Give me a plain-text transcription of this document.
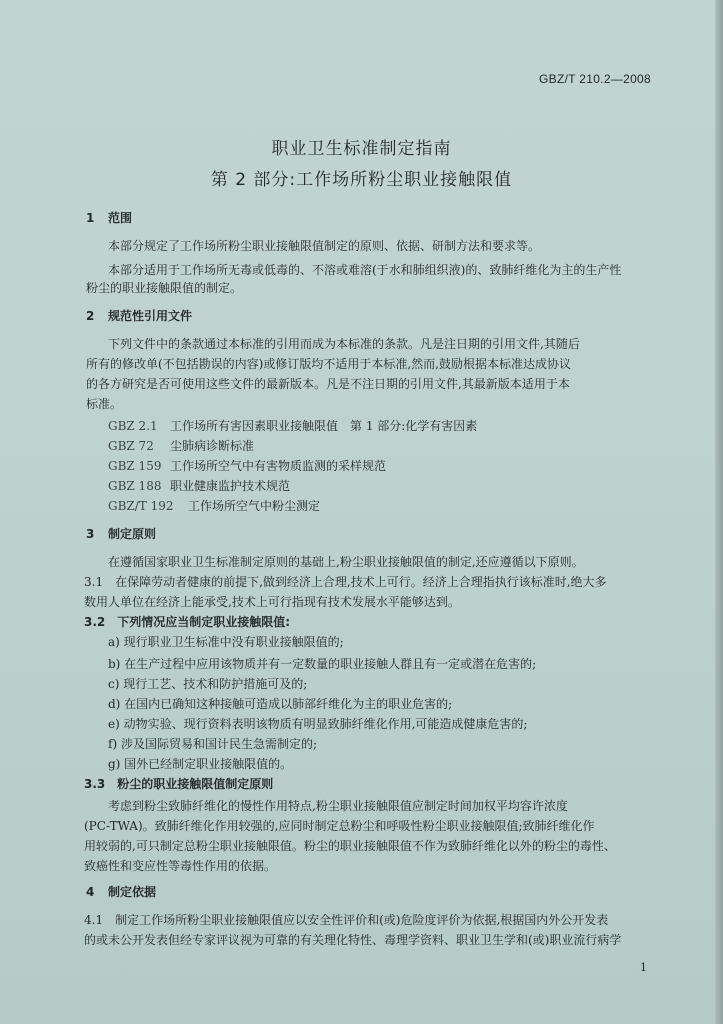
GBZ/T 210.2—2008

职业卫生标准制定指南

第 2 部分:工作场所粉尘职业接触限值

1 范围
本部分规定了工作场所粉尘职业接触限值制定的原则、依据、研制方法和要求等。
本部分适用于工作场所无毒或低毒的、不溶或难溶(于水和肺组织液)的、致肺纤维化为主的生产性
粉尘的职业接触限值的制定。
2 规范性引用文件
下列文件中的条款通过本标准的引用而成为本标准的条款。凡是注日期的引用文件,其随后
所有的修改单(不包括勘误的内容)或修订版均不适用于本标准,然而,鼓励根据本标准达成协议
的各方研究是否可使用这些文件的最新版本。凡是不注日期的引用文件,其最新版本适用于本
标准。
GBZ 2.1 工作场所有害因素职业接触限值　第 1 部分:化学有害因素
GBZ 72 尘肺病诊断标准
GBZ 159 工作场所空气中有害物质监测的采样规范
GBZ 188 职业健康监护技术规范
GBZ/T 192 工作场所空气中粉尘测定
3 制定原则
在遵循国家职业卫生标准制定原则的基础上,粉尘职业接触限值的制定,还应遵循以下原则。
3.1　在保障劳动者健康的前提下,做到经济上合理,技术上可行。经济上合理指执行该标准时,绝大多
数用人单位在经济上能承受,技术上可行指现有技术发展水平能够达到。
3.2　下列情况应当制定职业接触限值:
a) 现行职业卫生标准中没有职业接触限值的;
b) 在生产过程中应用该物质并有一定数量的职业接触人群且有一定或潜在危害的;
c) 现行工艺、技术和防护措施可及的;
d) 在国内已确知这种接触可造成以肺部纤维化为主的职业危害的;
e) 动物实验、现行资料表明该物质有明显致肺纤维化作用,可能造成健康危害的;
f) 涉及国际贸易和国计民生急需制定的;
g) 国外已经制定职业接触限值的。
3.3　粉尘的职业接触限值制定原则
考虑到粉尘致肺纤维化的慢性作用特点,粉尘职业接触限值应制定时间加权平均容许浓度
(PC-TWA)。致肺纤维化作用较强的,应同时制定总粉尘和呼吸性粉尘职业接触限值;致肺纤维化作
用较弱的,可只制定总粉尘职业接触限值。粉尘的职业接触限值不作为致肺纤维化以外的粉尘的毒性、
致癌性和变应性等毒性作用的依据。
4 制定依据
4.1　制定工作场所粉尘职业接触限值应以安全性评价和(或)危险度评价为依据,根据国内外公开发表
的或未公开发表但经专家评议视为可靠的有关理化特性、毒理学资料、职业卫生学和(或)职业流行病学
1
